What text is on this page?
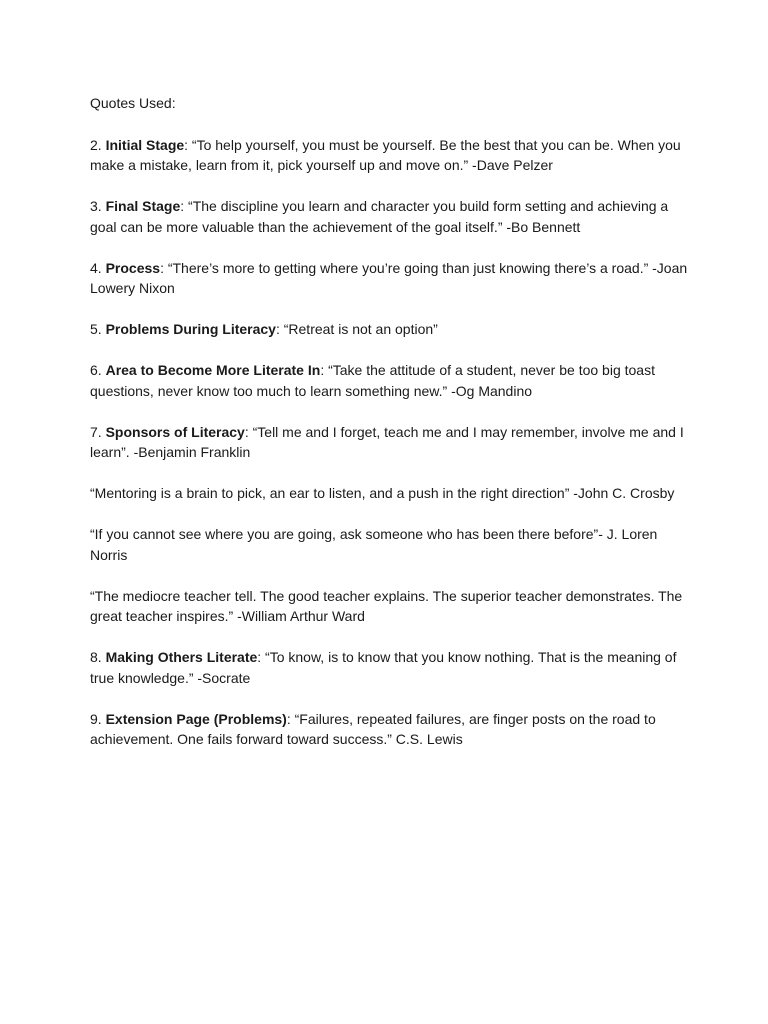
Quotes Used:

2. Initial Stage: “To help yourself, you must be yourself. Be the best that you can be. When you make a mistake, learn from it, pick yourself up and move on.” -Dave Pelzer

3. Final Stage: “The discipline you learn and character you build form setting and achieving a goal can be more valuable than the achievement of the goal itself.” -Bo Bennett

4. Process: “There’s more to getting where you’re going than just knowing there’s a road.” -Joan Lowery Nixon

5. Problems During Literacy: “Retreat is not an option”

6. Area to Become More Literate In: “Take the attitude of a student, never be too big toast questions, never know too much to learn something new.” -Og Mandino

7. Sponsors of Literacy: “Tell me and I forget, teach me and I may remember, involve me and I learn”. -Benjamin Franklin

“Mentoring is a brain to pick, an ear to listen, and a push in the right direction” -John C. Crosby

“If you cannot see where you are going, ask someone who has been there before”- J. Loren Norris

“The mediocre teacher tell. The good teacher explains. The superior teacher demonstrates. The great teacher inspires.” -William Arthur Ward

8. Making Others Literate: “To know, is to know that you know nothing. That is the meaning of true knowledge.” -Socrate

9. Extension Page (Problems): “Failures, repeated failures, are finger posts on the road to achievement. One fails forward toward success.” C.S. Lewis
